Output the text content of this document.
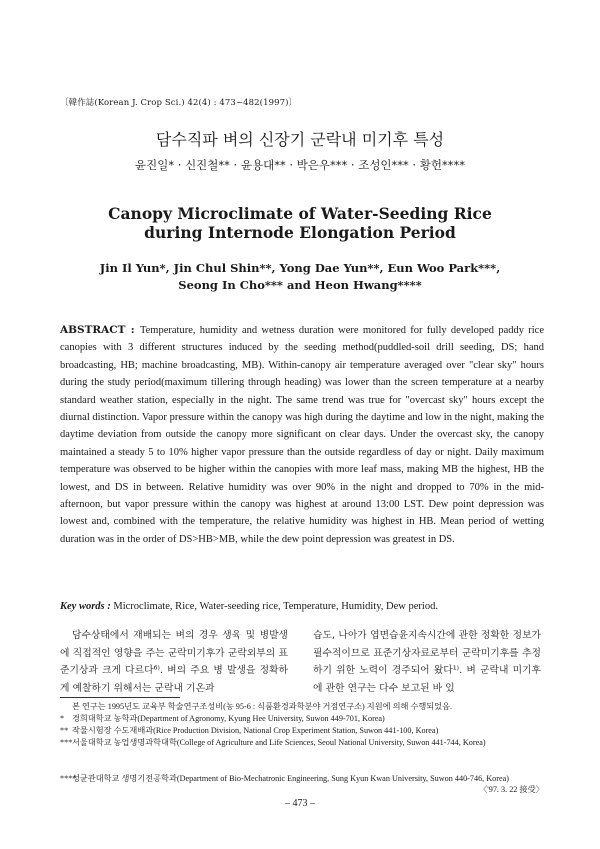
〔韓作誌(Korean J. Crop Sci.) 42(4) : 473~482(1997)〕
담수직파 벼의 신장기 군락내 미기후 특성
윤진일* · 신진철** · 윤용대** · 박은우*** · 조성인*** · 황헌****
Canopy Microclimate of Water-Seeding Rice
during Internode Elongation Period
Jin Il Yun*, Jin Chul Shin**, Yong Dae Yun**, Eun Woo Park***,
Seong In Cho*** and Heon Hwang****
ABSTRACT : Temperature, humidity and wetness duration were monitored for fully developed paddy rice canopies with 3 different structures induced by the seeding method(puddled-soil drill seeding, DS; hand broadcasting, HB; machine broadcasting, MB). Within-canopy air temperature averaged over "clear sky" hours during the study period(maximum tillering through heading) was lower than the screen temperature at a nearby standard weather station, especially in the night. The same trend was true for "overcast sky" hours except the diurnal distinction. Vapor pressure within the canopy was high during the daytime and low in the night, making the daytime deviation from outside the canopy more significant on clear days. Under the overcast sky, the canopy maintained a steady 5 to 10% higher vapor pressure than the outside regardless of day or night. Daily maximum temperature was observed to be higher within the canopies with more leaf mass, making MB the highest, HB the lowest, and DS in between. Relative humidity was over 90% in the night and dropped to 70% in the mid-afternoon, but vapor pressure within the canopy was highest at around 13:00 LST. Dew point depression was lowest and, combined with the temperature, the relative humidity was highest in HB. Mean period of wetting duration was in the order of DS>HB>MB, while the dew point depression was greatest in DS.
Key words : Microclimate, Rice, Water-seeding rice, Temperature, Humidity, Dew period.
담수상태에서 재배되는 벼의 경우 생육 및 병발생에 직접적인 영향을 주는 군락미기후가 군락외부의 표준기상과 크게 다르다⁶⁾. 벼의 주요 병 발생을 정확하게 예찰하기 위해서는 군락내 기온과
습도, 나아가 엽면습윤지속시간에 관한 정확한 정보가 필수적이므로 표준기상자료로부터 군락미기후를 추정하기 위한 노력이 경주되어 왔다¹⁾. 벼 군락내 미기후에 관한 연구는 다수 보고된 바 있
본 연구는 1995년도 교육부 학술연구조성비(농 95-6 : 식품환경과학분야 거점연구소) 지원에 의해 수행되었음.
* 경희대학교 농학과(Department of Agronomy, Kyung Hee University, Suwon 449-701, Korea)
** 작물시험장 수도재배과(Rice Production Division, National Crop Experiment Station, Suwon 441-100, Korea)
***서울대학교 농업생명과학대학(College of Agriculture and Life Sciences, Seoul National University, Suwon 441-744, Korea)
****성균관대학교 생명기전공학과(Department of Bio-Mechatronic Engineering, Sung Kyun Kwan University, Suwon 440-746, Korea)
〈'97. 3. 22 接受〉
– 473 –
